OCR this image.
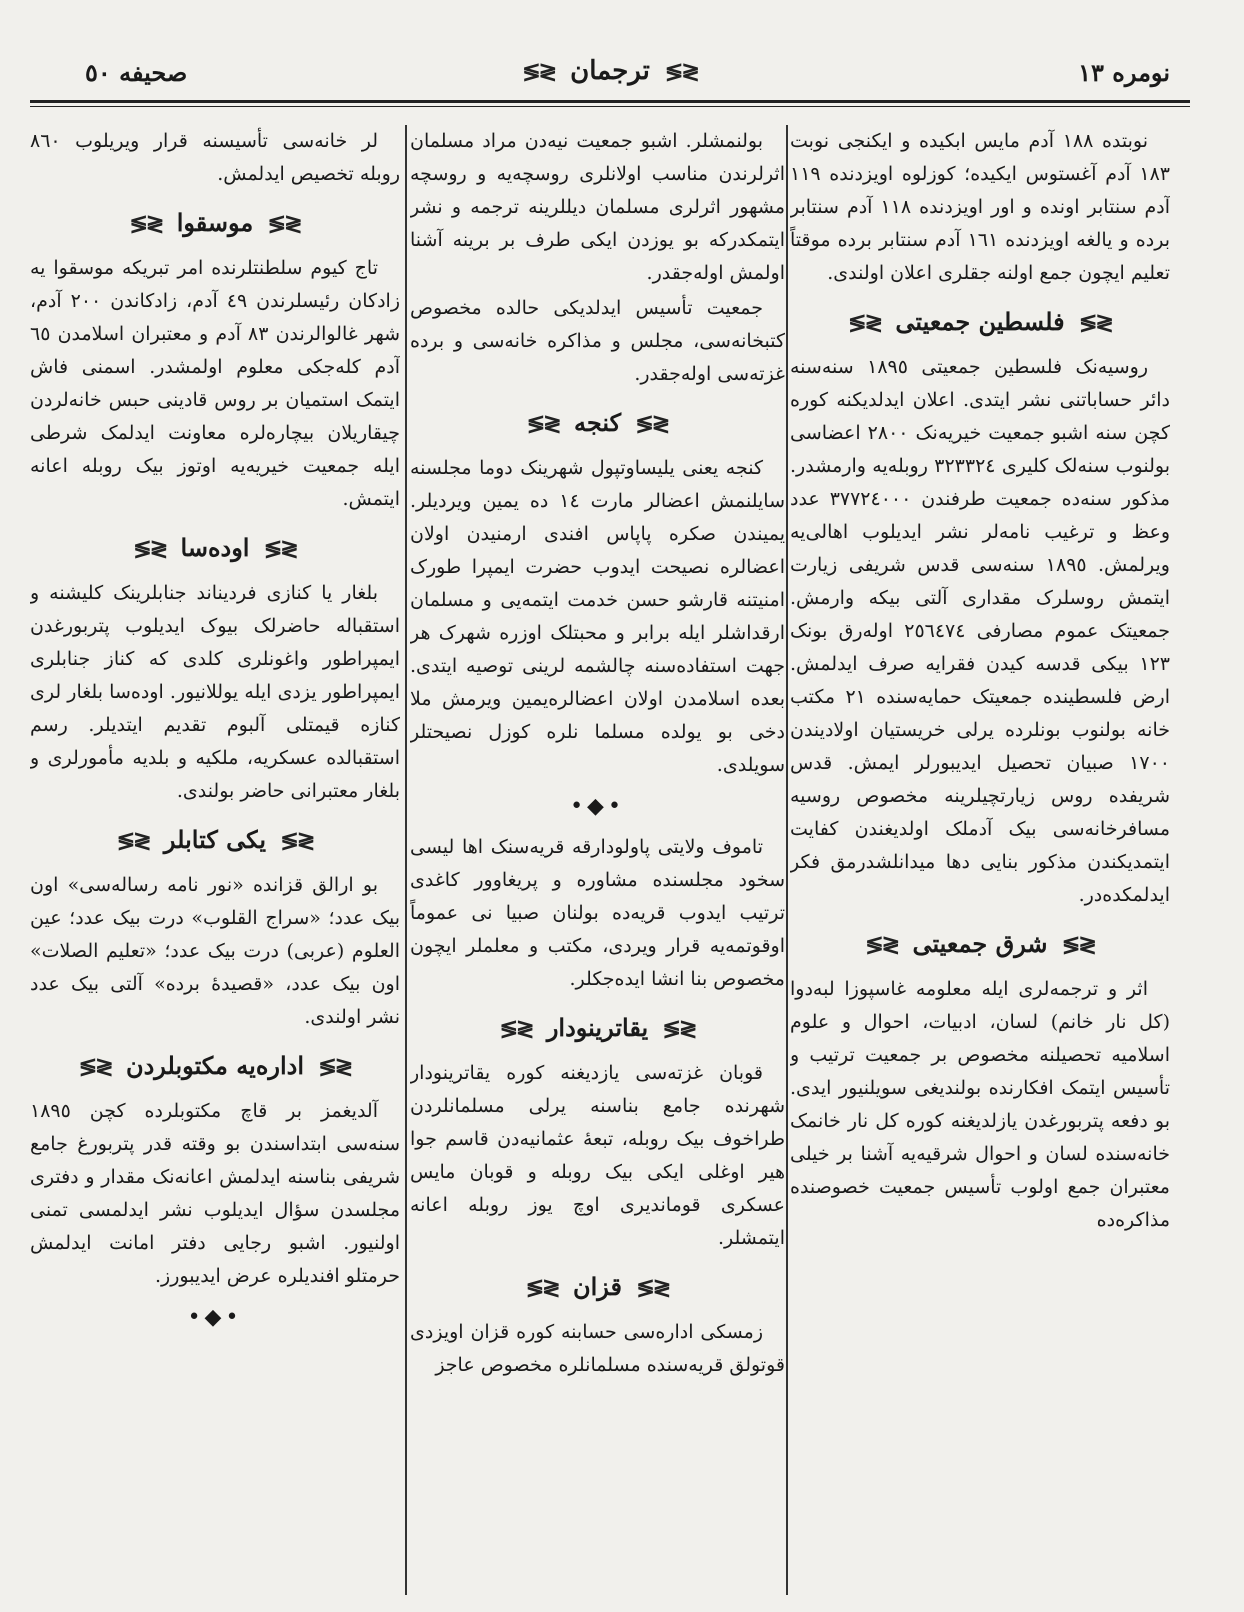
صحیفه ٥٠	≶≷ ترجمان ≶≷	نومره ١٣

نوبتده ١٨٨ آدم مایس ابکیده و ایکنجی نوبت ١٨٣ آدم آغستوس ایکیده؛ کوزلوه اویزدنده ١١٩ آدم سنتابر اونده و اور اویزدنده ١١٨ آدم سنتابر برده و یالغه اویزدنده ١٦١ آدم سنتابر برده موقتاً تعلیم ایچون جمع اولنه جقلری اعلان اولندی.

≶≷ فلسطین جمعیتی ≶≷

روسیه‌نک فلسطین جمعیتی ١٨٩٥ سنه‌سنه دائر حساباتنی نشر ایتدی. اعلان ایدلدیکنه کوره کچن سنه اشبو جمعیت خیریه‌نک ٢٨٠٠ اعضاسی بولنوب سنه‌لک کلیری ٣٢٣٣٢٤ روبله‌یه وارمشدر. مذکور سنه‌ده جمعیت طرفندن ٣٧٧٢٤٠٠٠ عدد وعظ و ترغیب نامه‌لر نشر ایدیلوب اهالی‌یه ویرلمش. ١٨٩٥ سنه‌سی قدس شریفی زیارت ایتمش روسلرک مقداری آلتی بیکه وارمش. جمعیتک عموم مصارفی ٢٥٦٤٧٤ اوله‌رق بونک ١٢٣ بیکی قدسه کیدن فقرایه صرف ایدلمش. ارض فلسطینده جمعیتک حمایه‌سنده ٢١ مکتب خانه بولنوب بونلرده یرلی خریستیان اولادیندن ١٧٠٠ صبیان تحصیل ایدیبورلر ایمش. قدس شریفده روس زیارتچیلرینه مخصوص روسیه مسافرخانه‌سی بیک آدملک اولدیغندن کفایت ایتمدیکندن مذکور بنایی دها میدانلشدرمق فکر ایدلمکده‌در.

≶≷ شرق جمعیتی ≶≷

اثر و ترجمه‌لری ایله معلومه غاسپوزا لبه‌دوا (کل نار خانم) لسان، ادبیات، احوال و علوم اسلامیه تحصیلنه مخصوص بر جمعیت ترتیب و تأسیس ایتمک افکارنده بولندیغی سویلنیور ایدی. بو دفعه پتربورغدن یازلدیغنه کوره کل نار خانمک خانه‌سنده لسان و احوال شرقیه‌یه آشنا بر خیلی معتبران جمع اولوب تأسیس جمعیت خصوصنده مذاکره‌ده

بولنمشلر. اشبو جمعیت نیه‌دن مراد مسلمان اثرلرندن مناسب اولانلری روسچه‌یه و روسچه مشهور اثرلری مسلمان دیللرینه ترجمه و نشر ایتمکدرکه بو یوزدن ایکی طرف بر برینه آشنا اولمش اوله‌جقدر.

جمعیت تأسیس ایدلدیکی حالده مخصوص کتبخانه‌سی، مجلس و مذاکره خانه‌سی و برده غزته‌سی اوله‌جقدر.

≶≷ کنجه ≶≷

کنجه یعنی یلیساوتپول شهرینک دوما مجلسنه سایلنمش اعضالر مارت ١٤ ده یمین ویردیلر. یمیندن صکره پاپاس افندی ارمنیدن اولان اعضالره نصیحت ایدوب حضرت ایمپرا طورک امنیتنه قارشو حسن خدمت ایتمه‌یی و مسلمان ارقداشلر ایله برابر و محبتلک اوزره شهرک هر جهت استفاده‌سنه چالشمه لرینی توصیه ایتدی. بعده اسلامدن اولان اعضالره‌یمین ویرمش ملا دخی بو یولده مسلما نلره کوزل نصیحتلر سویلدی.

•◆•

تاموف ولایتی پاولودارقه قریه‌سنک اها لیسی سخود مجلسنده مشاوره و پریغاوور کاغدی ترتیب ایدوب قریه‌ده بولنان صبیا نی عموماً اوقوتمه‌یه قرار ویردی، مکتب و معلملر ایچون مخصوص بنا انشا ایده‌جکلر.

≶≷ یقاترینودار ≶≷

قوبان غزته‌سی یازدیغنه کوره یقاترینودار شهرنده جامع بناسنه یرلی مسلمانلردن طراخوف بیک روبله، تبعهٔ عثمانیه‌دن قاسم جوا هیر اوغلی ایکی بیک روبله و قوبان مایس عسکری قوماندیری اوچ یوز روبله اعانه ایتمشلر.

≶≷ قزان ≶≷

زمسکی اداره‌سی حسابنه کوره قزان اویزدی قوتولق قریه‌سنده مسلمانلره مخصوص عاجز

لر خانه‌سی تأسیسنه قرار ویریلوب ٨٦٠ روبله تخصیص ایدلمش.

≶≷ موسقوا ≶≷

تاج کیوم سلطنتلرنده امر تبریکه موسقوا یه زادکان رئیسلرندن ٤٩ آدم، زادکاندن ٢٠٠ آدم، شهر غالوالرندن ٨٣ آدم و معتبران اسلامدن ٦٥ آدم کله‌جکی معلوم اولمشدر. اسمنی فاش ایتمک استمیان بر روس قادینی حبس خانه‌لردن چیقاریلان بیچاره‌لره معاونت ایدلمک شرطی ایله جمعیت خیریه‌یه اوتوز بیک روبله اعانه ایتمش.

≶≷ اوده‌سا ≶≷

بلغار یا کنازی فردیناند جنابلرینک کلیشنه و استقباله حاضرلک بیوک ایدیلوب پتربورغدن ایمپراطور واغونلری کلدی که کناز جنابلری ایمپراطور یزدی ایله یوللانیور. اوده‌سا بلغار لری کنازه قیمتلی آلبوم تقدیم ایتدیلر. رسم استقبالده عسکریه، ملکیه و بلدیه مأمورلری و بلغار معتبرانی حاضر بولندی.

≶≷ یکی کتابلر ≶≷

بو ارالق قزانده «نور نامه رساله‌سی» اون بیک عدد؛ «سراج القلوب» درت بیک عدد؛ عین العلوم (عربی) درت بیک عدد؛ «تعلیم الصلات» اون بیک عدد، «قصیدهٔ برده» آلتی بیک عدد نشر اولندی.

≶≷ اداره‌یه مکتوبلردن ≶≷

آلدیغمز بر قاچ مکتوبلرده کچن ١٨٩٥ سنه‌سی ابتداسندن بو وقته قدر پتربورغ جامع شریفی بناسنه ایدلمش اعانه‌نک مقدار و دفتری مجلسدن سؤال ایدیلوب نشر ایدلمسی تمنی اولنیور. اشبو رجایی دفتر امانت ایدلمش حرمتلو افندیلره عرض ایدیبورز.

•◆•
